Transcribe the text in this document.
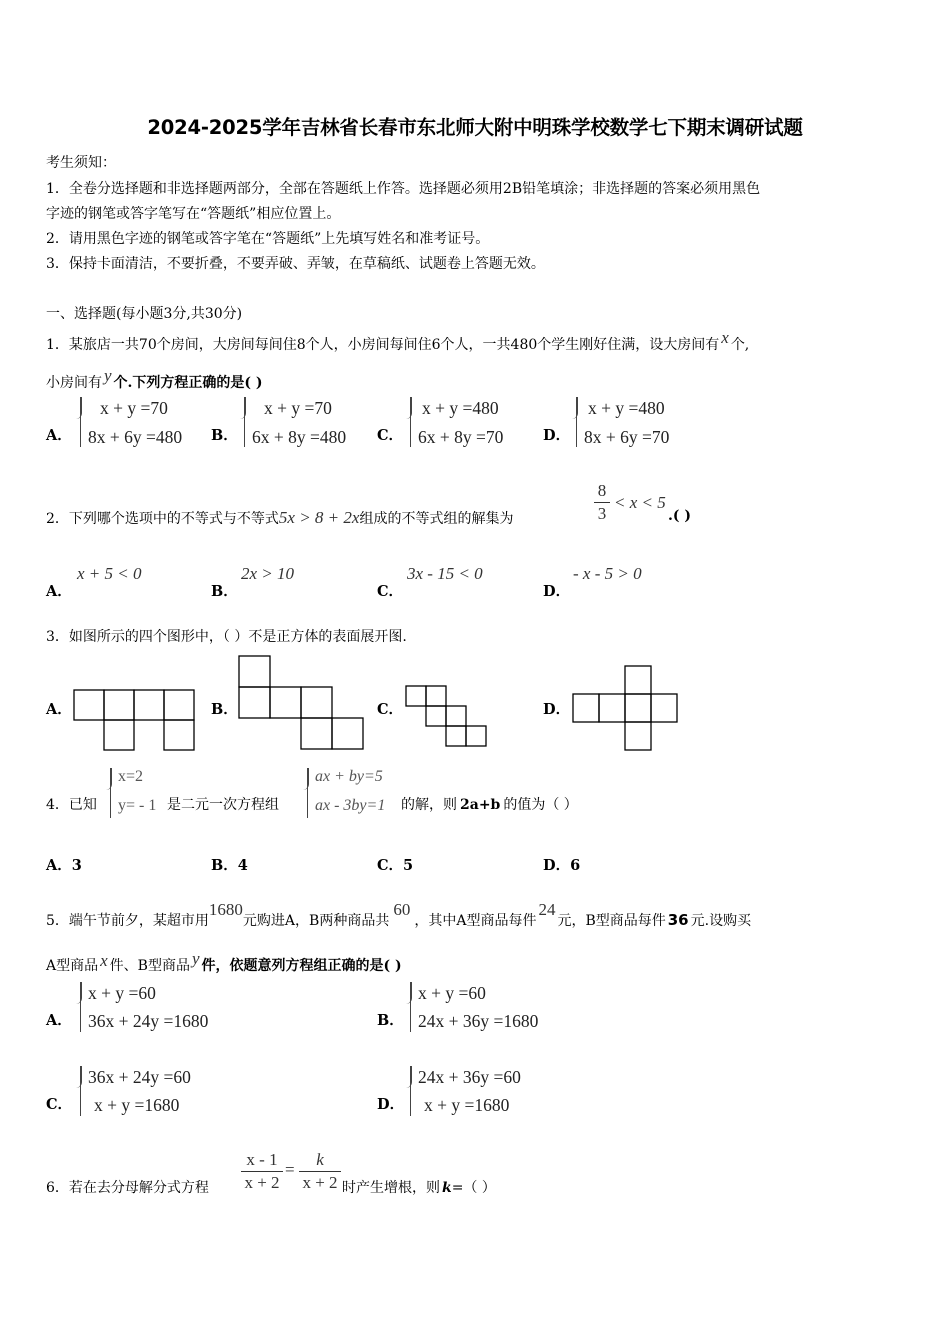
2024-2025学年吉林省长春市东北师大附中明珠学校数学七下期末调研试题
考生须知：
1．全卷分选择题和非选择题两部分，全部在答题纸上作答。选择题必须用2B铅笔填涂；非选择题的答案必须用黑色
字迹的钢笔或答字笔写在“答题纸”相应位置上。
2．请用黑色字迹的钢笔或答字笔在“答题纸”上先填写姓名和准考证号。
3．保持卡面清洁，不要折叠，不要弄破、弄皱，在草稿纸、试题卷上答题无效。
一、选择题(每小题3分,共30分)
1．某旅店一共70个房间，大房间每间住8个人，小房间每间住6个人，一共480个学生刚好住满，设大房间有 x 个,
小房间有 y 个.下列方程正确的是( )
A．
x + y =70
8x + 6y =480 B．
x + y =70
6x + 8y =480 C．
x + y =480
6x + 8y =70	D．
x + y =480
8x + 6y =70
2．下列哪个选项中的不等式与不等式5x > 8 + 2x组成的不等式组的解集为
8
3
< x < 5
.( )
A．
x + 5 < 0
B．
2x > 10
C．
3x - 15 < 0
D．
- x - 5 > 0
3．如图所示的四个图形中，（ ）不是正方体的表面展开图.
A．	B．	C．	D．
4．已知
x=2
y= - 1 是二元一次方程组
ax + by=5
ax - 3by=1 的解，则 2a+b 的值为（ ）
A．3	B．4	C．5	D．6
5．端午节前夕，某超市用1680元购进A，B两种商品共60，其中A型商品每件24元，B型商品每件 36 元.设购买
A型商品 x 件、B型商品 y 件，依题意列方程组正确的是( )
A．
x + y =60
36x + 24y =1680	B．
x + y =60
24x + 36y =1680
C．
36x + 24y =60
x + y =1680	D．
24x + 36y =60
x + y =1680
6．若在去分母解分式方程
x - 1
x + 2
=
k
x + 2 时产生增根，则 k=（ ）
